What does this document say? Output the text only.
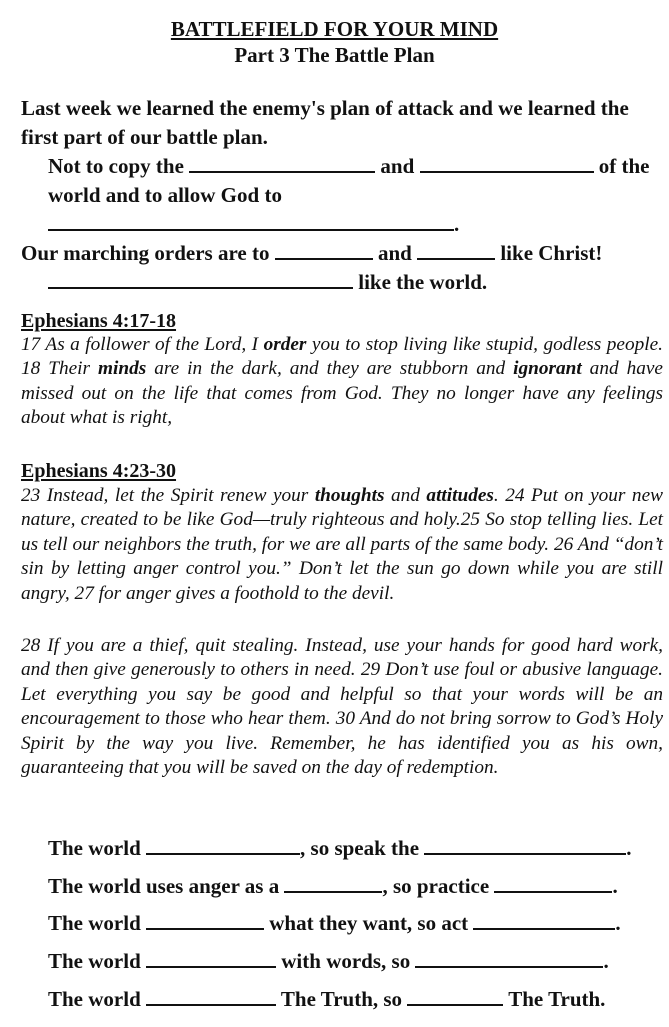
BATTLEFIELD FOR YOUR MIND
Part 3 The Battle Plan
Last week we learned the enemy's plan of attack and we learned the
first part of our battle plan.
Not to copy the	and	of the
world and to allow God to
.
Our marching orders are to	and	like Christ!
like the world.
Ephesians 4:17-18

17 As a follower of the Lord, I order you to stop living like stupid, godless people. 18 Their minds are in the dark, and they are stubborn and ignorant and have missed out on the life that comes from God. They no longer have any feelings about what is right,

Ephesians 4:23-30

23 Instead, let the Spirit renew your thoughts and attitudes. 24 Put on your new nature, created to be like God—truly righteous and holy.25 So stop telling lies. Let us tell our neighbors the truth, for we are all parts of the same body. 26 And “don’t sin by letting anger control you.” Don’t let the sun go down while you are still angry, 27 for anger gives a foothold to the devil.

28 If you are a thief, quit stealing. Instead, use your hands for good hard work, and then give generously to others in need. 29 Don’t use foul or abusive language. Let everything you say be good and helpful so that your words will be an encouragement to those who hear them. 30 And do not bring sorrow to God’s Holy Spirit by the way you live. Remember, he has identified you as his own, guaranteeing that you will be saved on the day of redemption.

The world	, so speak the	.
The world uses anger as a	, so practice	.
The world	what they want, so act	.
The world	with words, so	.
The world	The Truth, so	The Truth.
